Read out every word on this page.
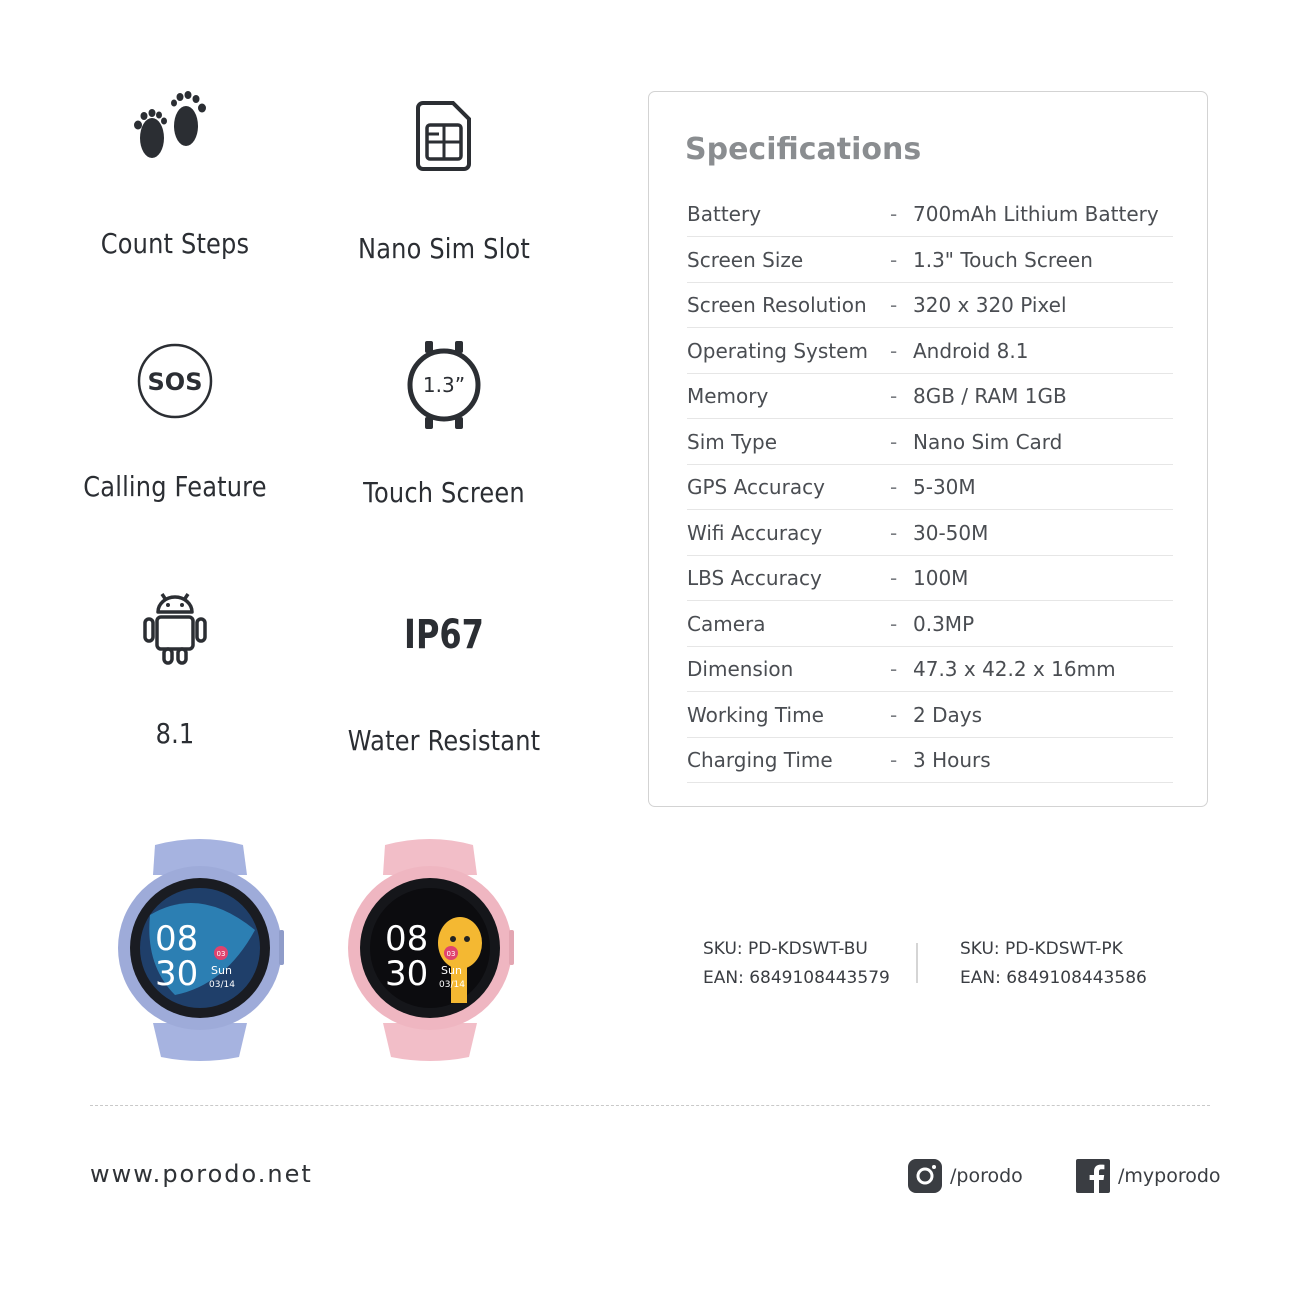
Count Steps	Nano Sim Slot
SOS
Calling Feature
1.3”
Touch Screen
8.1
IP67
Water Resistant
Specifications
Battery	- 700mAh Lithium Battery
Screen Size	- 1.3" Touch Screen
Screen Resolution - 320 x 320 Pixel
Operating System - Android 8.1
Memory	- 8GB / RAM 1GB
Sim Type	- Nano Sim Card
GPS Accuracy	- 5-30M
Wifi Accuracy	- 30-50M
LBS Accuracy	- 100M
Camera	- 0.3MP
Dimension	- 47.3 x 42.2 x 16mm
Working Time	- 2 Days
Charging Time	- 3 Hours
08
30	03
Sun
03/14
08
30	03
Sun
03/14
SKU: PD-KDSWT-BU
EAN: 6849108443579
SKU: PD-KDSWT-PK
EAN: 6849108443586
www.porodo.net	/porodo	/myporodo
